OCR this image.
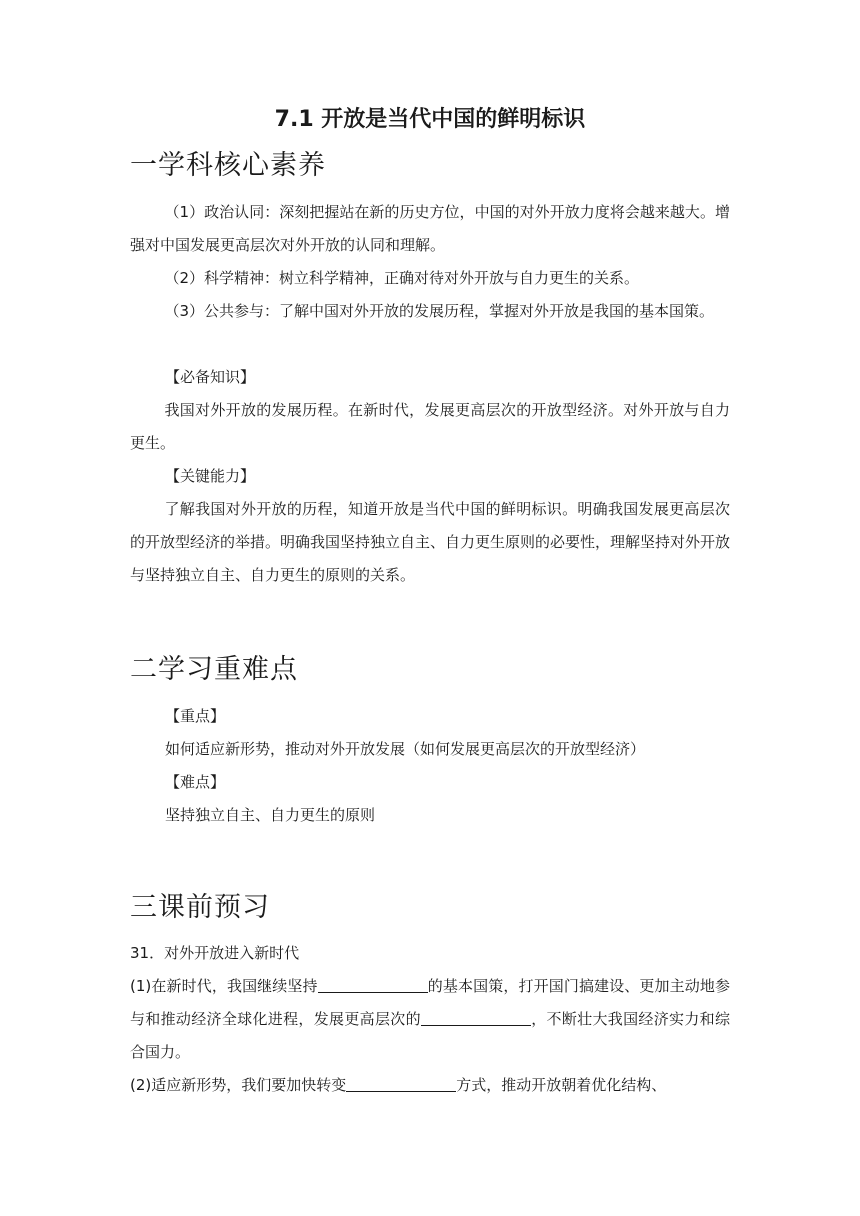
7.1 开放是当代中国的鲜明标识
一学科核心素养
（1）政治认同：深刻把握站在新的历史方位，中国的对外开放力度将会越来越大。增强对中国发展更高层次对外开放的认同和理解。
（2）科学精神：树立科学精神，正确对待对外开放与自力更生的关系。
（3）公共参与：了解中国对外开放的发展历程，掌握对外开放是我国的基本国策。
【必备知识】
我国对外开放的发展历程。在新时代，发展更高层次的开放型经济。对外开放与自力更生。
【关键能力】
了解我国对外开放的历程，知道开放是当代中国的鲜明标识。明确我国发展更高层次的开放型经济的举措。明确我国坚持独立自主、自力更生原则的必要性，理解坚持对外开放与坚持独立自主、自力更生的原则的关系。
二学习重难点
【重点】
如何适应新形势，推动对外开放发展（如何发展更高层次的开放型经济）
【难点】
坚持独立自主、自力更生的原则
三课前预习
31．对外开放进入新时代
(1)在新时代，我国继续坚持	的基本国策，打开国门搞建设、更加主动地参与和推动经济全球化进程，发展更高层次的	，不断壮大我国经济实力和综合国力。
(2)适应新形势，我们要加快转变	方式，推动开放朝着优化结构、
